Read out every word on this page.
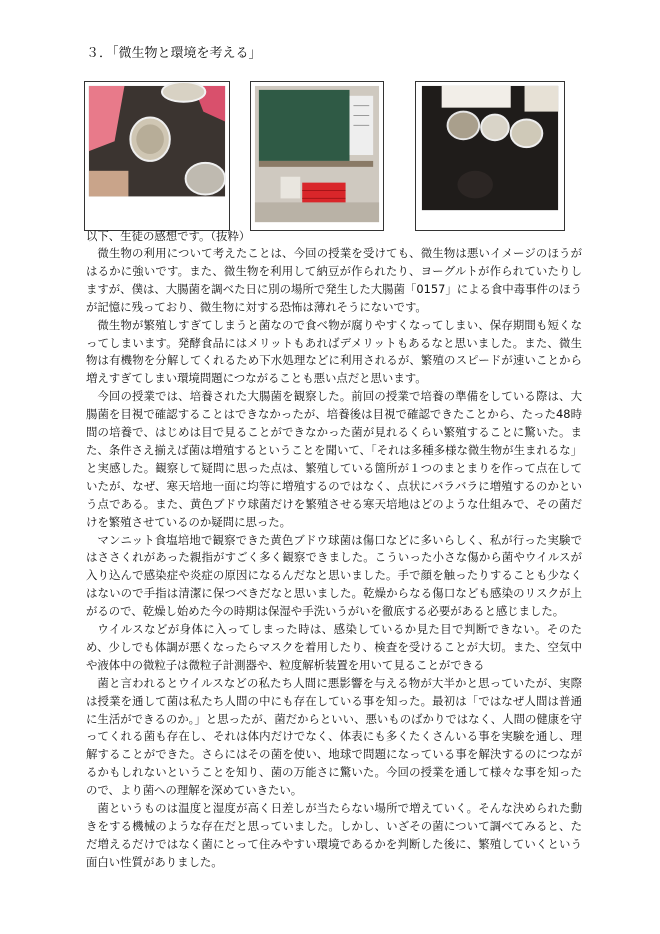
３．「微生物と環境を考える」
以下、生徒の感想です。（抜粋）

微生物の利用について考えたことは、今回の授業を受けても、微生物は悪いイメージのほうがはるかに強いです。また、微生物を利用して納豆が作られたり、ヨーグルトが作られていたりしますが、僕は、大腸菌を調べた日に別の場所で発生した大腸菌「0157」による食中毒事件のほうが記憶に残っており、微生物に対する恐怖は薄れそうにないです。

微生物が繁殖しすぎてしまうと菌なので食べ物が腐りやすくなってしまい、保存期間も短くなってしまいます。発酵食品にはメリットもあればデメリットもあるなと思いました。また、微生物は有機物を分解してくれるため下水処理などに利用されるが、繁殖のスピードが速いことから増えすぎてしまい環境問題につながることも悪い点だと思います。

今回の授業では、培養された大腸菌を観察した。前回の授業で培養の準備をしている際は、大腸菌を目視で確認することはできなかったが、培養後は目視で確認できたことから、たった48時間の培養で、はじめは目で見ることができなかった菌が見れるくらい繁殖することに驚いた。また、条件さえ揃えば菌は増殖するということを聞いて、「それは多種多様な微生物が生まれるな」と実感した。観察して疑問に思った点は、繁殖している箇所が１つのまとまりを作って点在していたが、なぜ、寒天培地一面に均等に増殖するのではなく、点状にバラバラに増殖するのかという点である。また、黄色ブドウ球菌だけを繁殖させる寒天培地はどのような仕組みで、その菌だけを繁殖させているのか疑問に思った。

マンニット食塩培地で観察できた黄色ブドウ球菌は傷口などに多いらしく、私が行った実験ではささくれがあった親指がすごく多く観察できました。こういった小さな傷から菌やウイルスが入り込んで感染症や炎症の原因になるんだなと思いました。手で顔を触ったりすることも少なくはないので手指は清潔に保つべきだなと思いました。乾燥からなる傷口なども感染のリスクが上がるので、乾燥し始めた今の時期は保湿や手洗いうがいを徹底する必要があると感じました。

ウイルスなどが身体に入ってしまった時は、感染しているか見た目で判断できない。そのため、少しでも体調が悪くなったらマスクを着用したり、検査を受けることが大切。また、空気中や液体中の微粒子は微粒子計測器や、粒度解析装置を用いて見ることができる

菌と言われるとウイルスなどの私たち人間に悪影響を与える物が大半かと思っていたが、実際は授業を通して菌は私たち人間の中にも存在している事を知った。最初は「ではなぜ人間は普通に生活ができるのか。」と思ったが、菌だからといい、悪いものばかりではなく、人間の健康を守ってくれる菌も存在し、それは体内だけでなく、体表にも多くたくさんいる事を実験を通し、理解することができた。さらにはその菌を使い、地球で問題になっている事を解決するのにつながるかもしれないということを知り、菌の万能さに驚いた。今回の授業を通して様々な事を知ったので、より菌への理解を深めていきたい。

菌というものは温度と湿度が高く日差しが当たらない場所で増えていく。そんな決められた動きをする機械のような存在だと思っていました。しかし、いざその菌について調べてみると、ただ増えるだけではなく菌にとって住みやすい環境であるかを判断した後に、繁殖していくという面白い性質がありました。
